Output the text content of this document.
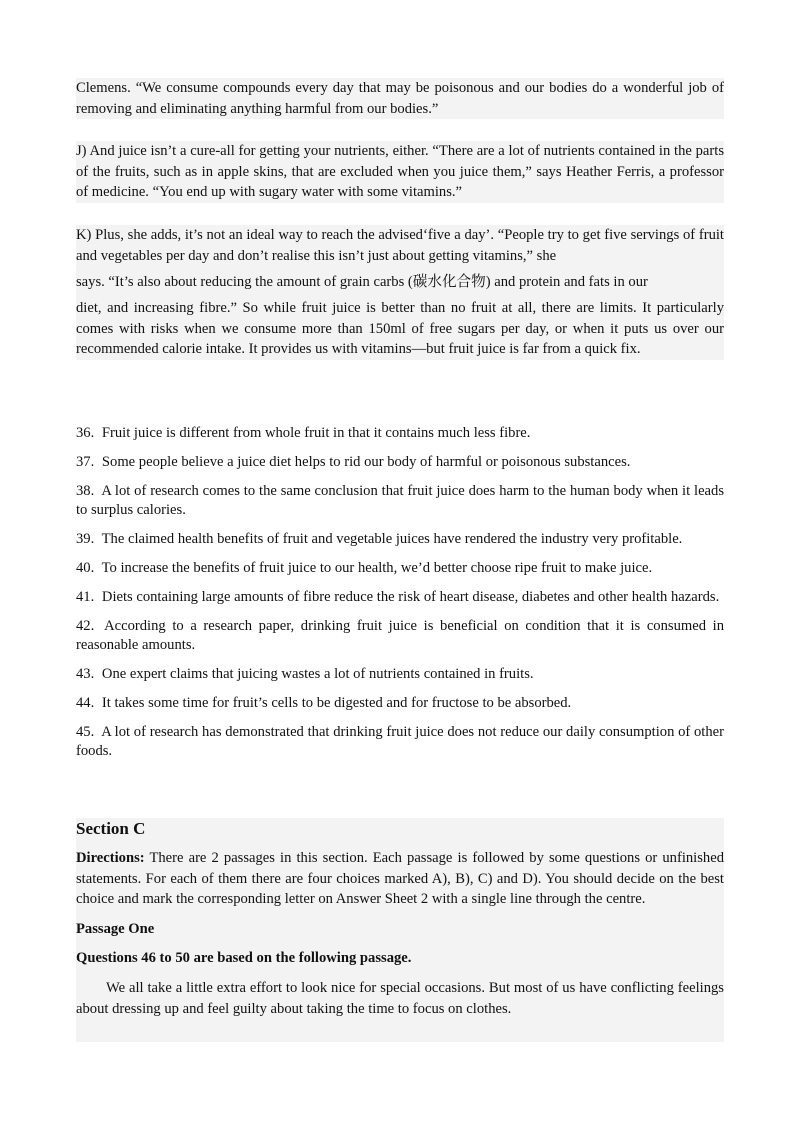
Clemens. “We consume compounds every day that may be poisonous and our bodies do a wonderful job of removing and eliminating anything harmful from our bodies.”
J) And juice isn’t a cure-all for getting your nutrients, either. “There are a lot of nutrients contained in the parts of the fruits, such as in apple skins, that are excluded when you juice them,” says Heather Ferris, a professor of medicine. “You end up with sugary water with some vitamins.”
K) Plus, she adds, it’s not an ideal way to reach the advised‘five a day’. “People try to get five servings of fruit and vegetables per day and don’t realise this isn’t just about getting vitamins,” she
says. “It’s also about reducing the amount of grain carbs (碳水化合物) and protein and fats in our
diet, and increasing fibre.” So while fruit juice is better than no fruit at all, there are limits. It particularly comes with risks when we consume more than 150ml of free sugars per day, or when it puts us over our recommended calorie intake. It provides us with vitamins—but fruit juice is far from a quick fix.
36. Fruit juice is different from whole fruit in that it contains much less fibre.
37. Some people believe a juice diet helps to rid our body of harmful or poisonous substances.
38. A lot of research comes to the same conclusion that fruit juice does harm to the human body when it leads to surplus calories.
39. The claimed health benefits of fruit and vegetable juices have rendered the industry very profitable.
40. To increase the benefits of fruit juice to our health, we’d better choose ripe fruit to make juice.
41. Diets containing large amounts of fibre reduce the risk of heart disease, diabetes and other health hazards.
42. According to a research paper, drinking fruit juice is beneficial on condition that it is consumed in reasonable amounts.
43. One expert claims that juicing wastes a lot of nutrients contained in fruits.
44. It takes some time for fruit’s cells to be digested and for fructose to be absorbed.
45. A lot of research has demonstrated that drinking fruit juice does not reduce our daily consumption of other foods.
Section C
Directions: There are 2 passages in this section. Each passage is followed by some questions or unfinished statements. For each of them there are four choices marked A), B), C) and D). You should decide on the best choice and mark the corresponding letter on Answer Sheet 2 with a single line through the centre.
Passage One
Questions 46 to 50 are based on the following passage.
We all take a little extra effort to look nice for special occasions. But most of us have conflicting feelings about dressing up and feel guilty about taking the time to focus on clothes.
